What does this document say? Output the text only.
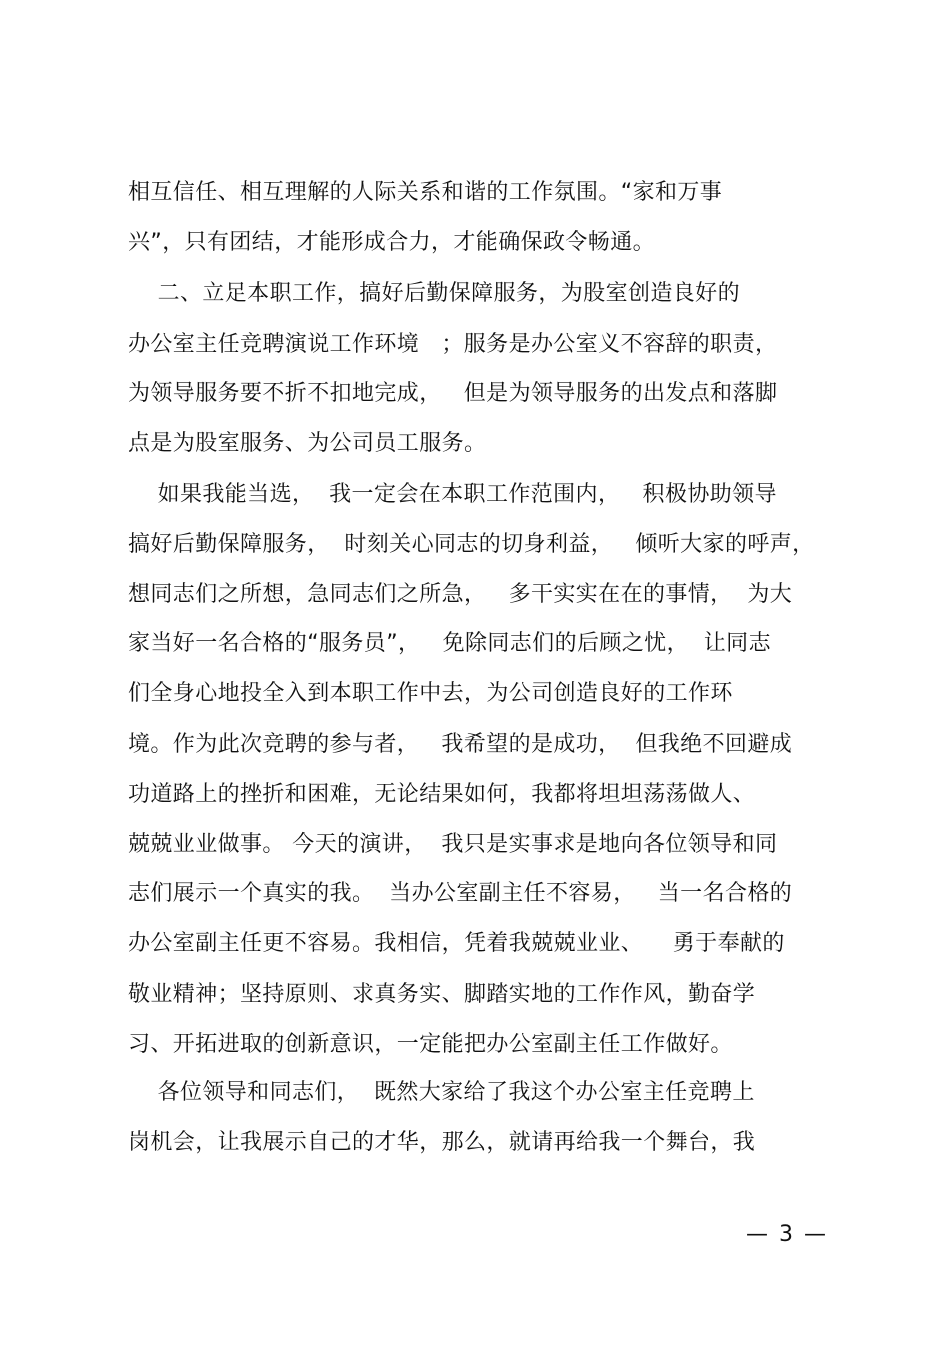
相互信任、相互理解的人际关系和谐的工作氛围。“家和万事
兴”，只有团结，才能形成合力，才能确保政令畅通。
二、立足本职工作，搞好后勤保障服务，为股室创造良好的
办公室主任竞聘演说工作环境   ；服务是办公室义不容辞的职责，
为领导服务要不折不扣地完成，   但是为领导服务的出发点和落脚
点是为股室服务、为公司员工服务。
如果我能当选，  我一定会在本职工作范围内，   积极协助领导
搞好后勤保障服务，  时刻关心同志的切身利益，   倾听大家的呼声，
想同志们之所想，急同志们之所急，   多干实实在在的事情，  为大
家当好一名合格的“服务员”，   免除同志们的后顾之忧，  让同志
们全身心地投全入到本职工作中去，为公司创造良好的工作环
境。作为此次竞聘的参与者，   我希望的是成功，  但我绝不回避成
功道路上的挫折和困难，无论结果如何，我都将坦坦荡荡做人、
兢兢业业做事。 今天的演讲，  我只是实事求是地向各位领导和同
志们展示一个真实的我。  当办公室副主任不容易，   当一名合格的
办公室副主任更不容易。我相信，凭着我兢兢业业、    勇于奉献的
敬业精神；坚持原则、求真务实、脚踏实地的工作作风，勤奋学
习、开拓进取的创新意识，一定能把办公室副主任工作做好。
各位领导和同志们，  既然大家给了我这个办公室主任竞聘上
岗机会，让我展示自己的才华，那么，就请再给我一个舞台，我
— 3 —
